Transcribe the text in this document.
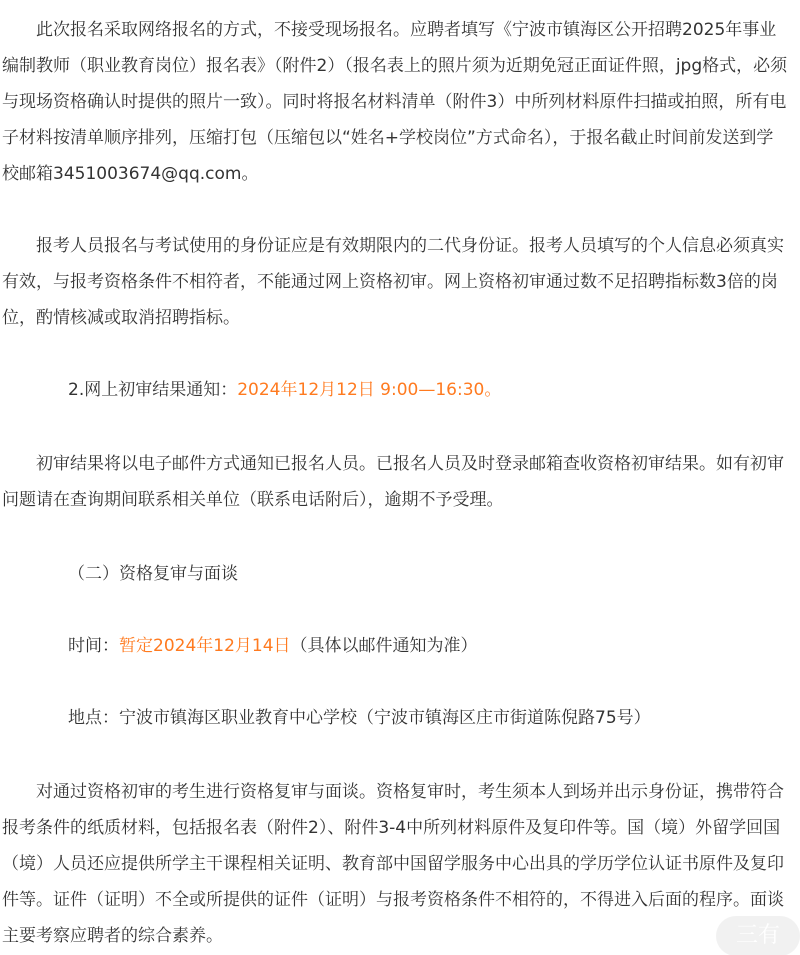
此次报名采取网络报名的方式，不接受现场报名。应聘者填写《宁波市镇海区公开招聘2025年事业编制教师（职业教育岗位）报名表》（附件2）（报名表上的照片须为近期免冠正面证件照，jpg格式，必须与现场资格确认时提供的照片一致）。同时将报名材料清单（附件3）中所列材料原件扫描或拍照，所有电子材料按清单顺序排列，压缩打包（压缩包以“姓名+学校岗位”方式命名），于报名截止时间前发送到学校邮箱3451003674@qq.com。

报考人员报名与考试使用的身份证应是有效期限内的二代身份证。报考人员填写的个人信息必须真实有效，与报考资格条件不相符者，不能通过网上资格初审。网上资格初审通过数不足招聘指标数3倍的岗位，酌情核减或取消招聘指标。

2.网上初审结果通知：2024年12月12日 9:00—16:30。

初审结果将以电子邮件方式通知已报名人员。已报名人员及时登录邮箱查收资格初审结果。如有初审问题请在查询期间联系相关单位（联系电话附后），逾期不予受理。

（二）资格复审与面谈

时间：暂定2024年12月14日（具体以邮件通知为准）

地点：宁波市镇海区职业教育中心学校（宁波市镇海区庄市街道陈倪路75号）

对通过资格初审的考生进行资格复审与面谈。资格复审时，考生须本人到场并出示身份证，携带符合报考条件的纸质材料，包括报名表（附件2）、附件3-4中所列材料原件及复印件等。国（境）外留学回国（境）人员还应提供所学主干课程相关证明、教育部中国留学服务中心出具的学历学位认证书原件及复印件等。证件（证明）不全或所提供的证件（证明）与报考资格条件不相符的，不得进入后面的程序。面谈主要考察应聘者的综合素养。	三有
